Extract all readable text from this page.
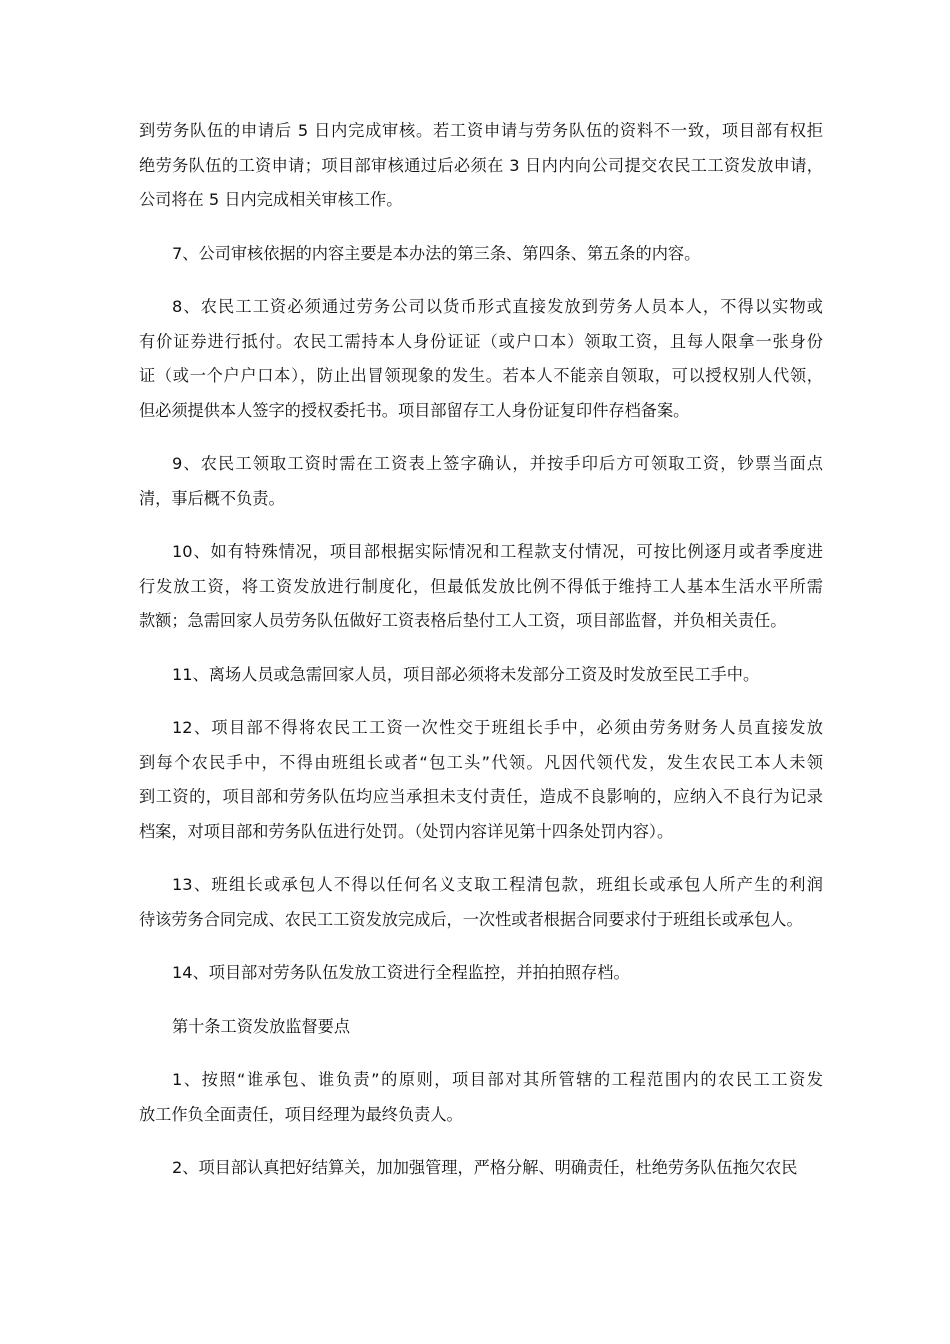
到劳务队伍的申请后 5 日内完成审核。若工资申请与劳务队伍的资料不一致，项目部有权拒
绝劳务队伍的工资申请；项目部审核通过后必须在 3 日内内向公司提交农民工工资发放申请，
公司将在 5 日内完成相关审核工作。

7、公司审核依据的内容主要是本办法的第三条、第四条、第五条的内容。

8、农民工工资必须通过劳务公司以货币形式直接发放到劳务人员本人，不得以实物或
有价证券进行抵付。农民工需持本人身份证证（或户口本）领取工资，且每人限拿一张身份
证（或一个户户口本），防止出冒领现象的发生。若本人不能亲自领取，可以授权别人代领，
但必须提供本人签字的授权委托书。项目部留存工人身份证复印件存档备案。

9、农民工领取工资时需在工资表上签字确认，并按手印后方可领取工资，钞票当面点
清，事后概不负责。

10、如有特殊情况，项目部根据实际情况和工程款支付情况，可按比例逐月或者季度进
行发放工资，将工资发放进行制度化，但最低发放比例不得低于维持工人基本生活水平所需
款额；急需回家人员劳务队伍做好工资表格后垫付工人工资，项目部监督，并负相关责任。

11、离场人员或急需回家人员，项目部必须将未发部分工资及时发放至民工手中。

12、项目部不得将农民工工资一次性交于班组长手中，必须由劳务财务人员直接发放
到每个农民手中，不得由班组长或者“包工头”代领。凡因代领代发，发生农民工本人未领
到工资的，项目部和劳务队伍均应当承担未支付责任，造成不良影响的，应纳入不良行为记录
档案，对项目部和劳务队伍进行处罚。（处罚内容详见第十四条处罚内容）。

13、班组长或承包人不得以任何名义支取工程清包款，班组长或承包人所产生的利润
待该劳务合同完成、农民工工资发放完成后，一次性或者根据合同要求付于班组长或承包人。

14、项目部对劳务队伍发放工资进行全程监控，并拍拍照存档。

第十条工资发放监督要点

1、按照“谁承包、谁负责”的原则，项目部对其所管辖的工程范围内的农民工工资发
放工作负全面责任，项目经理为最终负责人。

2、项目部认真把好结算关，加加强管理，严格分解、明确责任，杜绝劳务队伍拖欠农民
